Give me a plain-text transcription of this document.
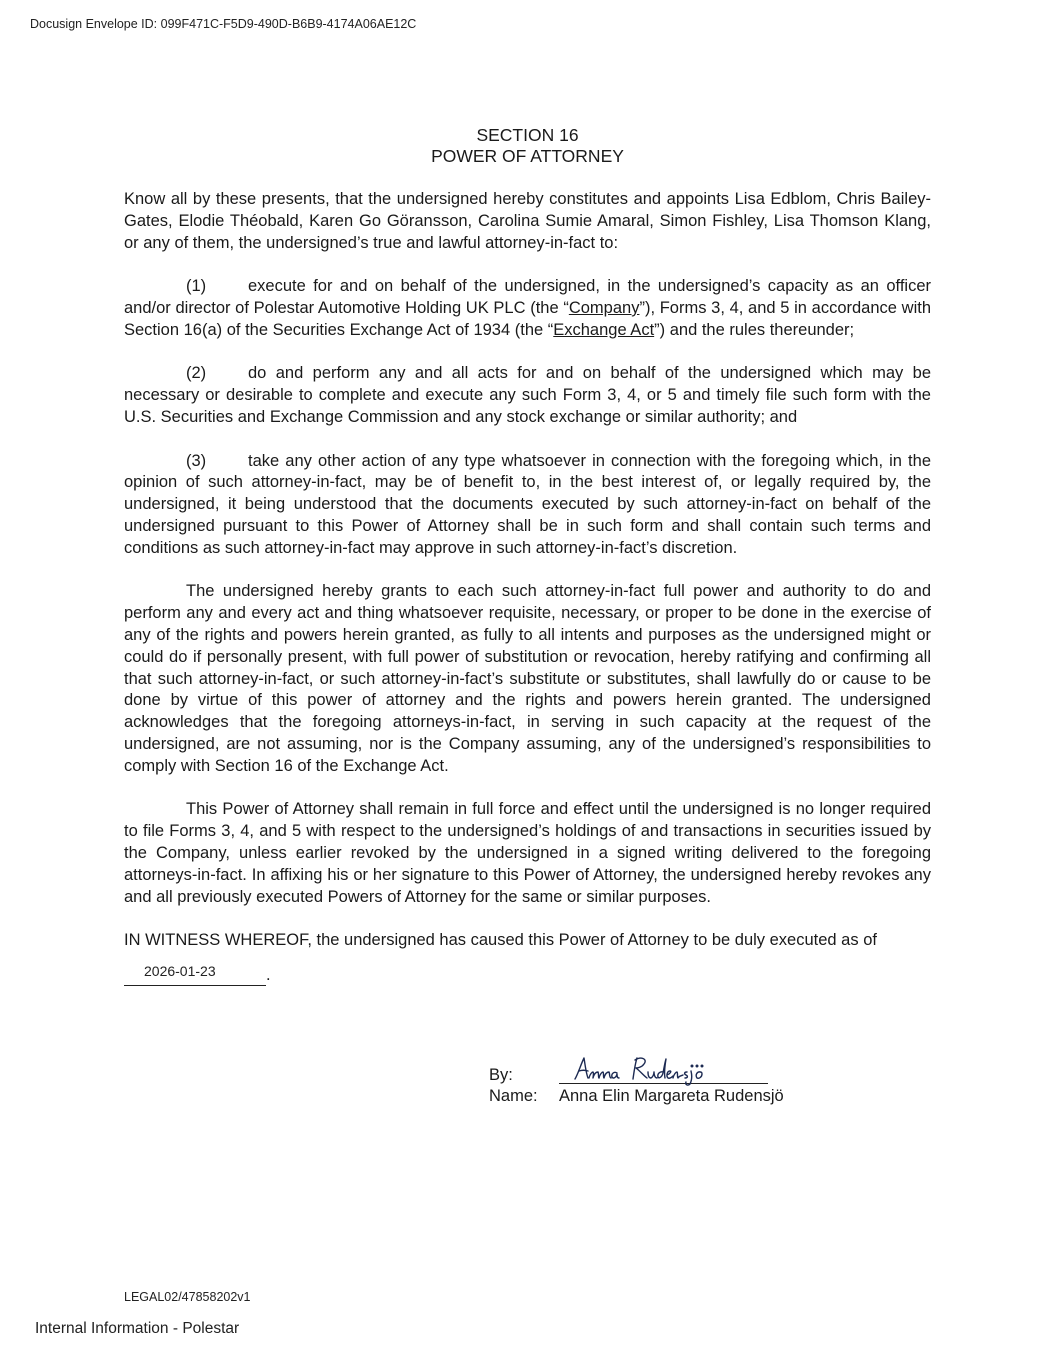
Docusign Envelope ID: 099F471C-F5D9-490D-B6B9-4174A06AE12C
SECTION 16
POWER OF ATTORNEY

Know all by these presents, that the undersigned hereby constitutes and appoints Lisa Edblom, Chris Bailey-Gates, Elodie Théobald, Karen Go Göransson, Carolina Sumie Amaral, Simon Fishley, Lisa Thomson Klang, or any of them, the undersigned’s true and lawful attorney-in-fact to:

(1)	execute for and on behalf of the undersigned, in the undersigned’s capacity as an officer and/or director of Polestar Automotive Holding UK PLC (the “Company”), Forms 3, 4, and 5 in accordance with Section 16(a) of the Securities Exchange Act of 1934 (the “Exchange Act”) and the rules thereunder;

(2)	do and perform any and all acts for and on behalf of the undersigned which may be necessary or desirable to complete and execute any such Form 3, 4, or 5 and timely file such form with the U.S. Securities and Exchange Commission and any stock exchange or similar authority; and

(3)	take any other action of any type whatsoever in connection with the foregoing which, in the opinion of such attorney-in-fact, may be of benefit to, in the best interest of, or legally required by, the undersigned, it being understood that the documents executed by such attorney-in-fact on behalf of the undersigned pursuant to this Power of Attorney shall be in such form and shall contain such terms and conditions as such attorney-in-fact may approve in such attorney-in-fact’s discretion.

The undersigned hereby grants to each such attorney-in-fact full power and authority to do and perform any and every act and thing whatsoever requisite, necessary, or proper to be done in the exercise of any of the rights and powers herein granted, as fully to all intents and purposes as the undersigned might or could do if personally present, with full power of substitution or revocation, hereby ratifying and confirming all that such attorney-in-fact, or such attorney-in-fact’s substitute or substitutes, shall lawfully do or cause to be done by virtue of this power of attorney and the rights and powers herein granted. The undersigned acknowledges that the foregoing attorneys-in-fact, in serving in such capacity at the request of the undersigned, are not assuming, nor is the Company assuming, any of the undersigned’s responsibilities to comply with Section 16 of the Exchange Act.

This Power of Attorney shall remain in full force and effect until the undersigned is no longer required to file Forms 3, 4, and 5 with respect to the undersigned’s holdings of and transactions in securities issued by the Company, unless earlier revoked by the undersigned in a signed writing delivered to the foregoing attorneys-in-fact. In affixing his or her signature to this Power of Attorney, the undersigned hereby revokes any and all previously executed Powers of Attorney for the same or similar purposes.

IN WITNESS WHEREOF, the undersigned has caused this Power of Attorney to be duly executed as of

2026-01-23	.
By:
Name: Anna Elin Margareta Rudensjö
LEGAL02/47858202v1
Internal Information - Polestar
